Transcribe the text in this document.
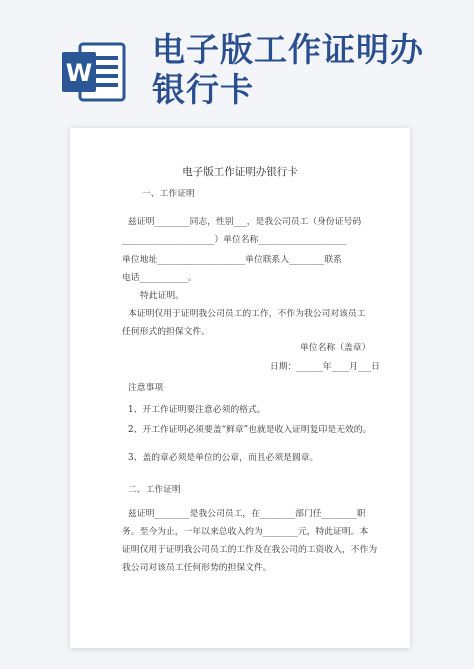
W
电子版工作证明办
银行卡
电子版工作证明办银行卡
一、工作证明
兹证明________同志，性别___，是我公司员工（身份证号码
_____________________）单位名称____________________
单位地址____________________单位联系人________联系
电话___________。
特此证明。
本证明仅用于证明我公司员工的工作，不作为我公司对该员工
任何形式的担保文件。
单位名称（盖章）
日期：______年____月___日
注意事项
1、开工作证明要注意必须的格式。
2、开工作证明必须要盖“鲜章”也就是收入证明复印是无效的。
3、盖的章必须是单位的公章，而且必须是圆章。
二、工作证明
兹证明________是我公司员工，在________部门任________职
务。至今为止，一年以来总收入约为________元，特此证明。本
证明仅用于证明我公司员工的工作及在我公司的工资收入，不作为
我公司对该员工任何形势的担保文件。
